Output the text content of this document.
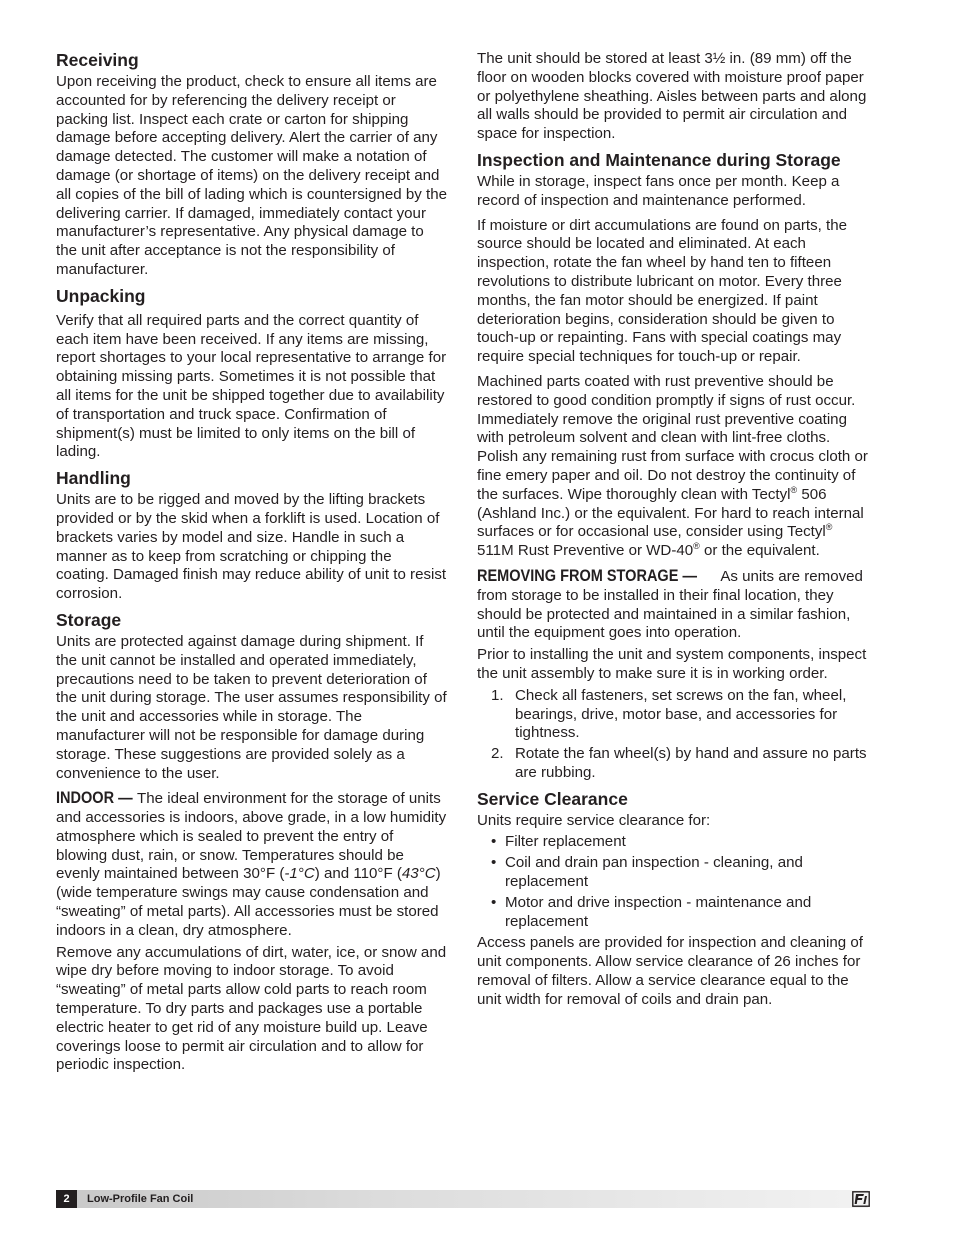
Receiving

Upon receiving the product, check to ensure all items are accounted for by referencing the delivery receipt or packing list. Inspect each crate or carton for shipping damage before accepting delivery. Alert the carrier of any damage detected. The customer will make a notation of damage (or shortage of items) on the delivery receipt and all copies of the bill of lading which is countersigned by the delivering carrier. If damaged, immediately contact your manufacturer’s representative. Any physical damage to the unit after acceptance is not the responsibility of manufacturer.

Unpacking

Verify that all required parts and the correct quantity of each item have been received. If any items are missing, report shortages to your local representative to arrange for obtaining missing parts. Sometimes it is not possible that all items for the unit be shipped together due to availability of transportation and truck space. Confirmation of shipment(s) must be limited to only items on the bill of lading.

Handling

Units are to be rigged and moved by the lifting brackets provided or by the skid when a forklift is used. Location of brackets varies by model and size. Handle in such a manner as to keep from scratching or chipping the coating. Damaged finish may reduce ability of unit to resist corrosion.

Storage

Units are protected against damage during shipment. If the unit cannot be installed and operated immediately, precautions need to be taken to prevent deterioration of the unit during storage. The user assumes responsibility of the unit and accessories while in storage. The manufacturer will not be responsible for damage during storage. These suggestions are provided solely as a convenience to the user.

INDOOR — The ideal environment for the storage of units and accessories is indoors, above grade, in a low humidity atmosphere which is sealed to prevent the entry of blowing dust, rain, or snow. Temperatures should be evenly maintained between 30°F (-1°C) and 110°F (43°C) (wide temperature swings may cause condensation and “sweating” of metal parts). All accessories must be stored indoors in a clean, dry atmosphere.

Remove any accumulations of dirt, water, ice, or snow and wipe dry before moving to indoor storage. To avoid “sweating” of metal parts allow cold parts to reach room temperature. To dry parts and packages use a portable electric heater to get rid of any moisture build up. Leave coverings loose to permit air circulation and to allow for periodic inspection.

The unit should be stored at least 3½ in. (89 mm) off the floor on wooden blocks covered with moisture proof paper or polyethylene sheathing. Aisles between parts and along all walls should be provided to permit air circulation and space for inspection.

Inspection and Maintenance during Storage

While in storage, inspect fans once per month. Keep a record of inspection and maintenance performed.

If moisture or dirt accumulations are found on parts, the source should be located and eliminated. At each inspection, rotate the fan wheel by hand ten to fifteen revolutions to distribute lubricant on motor. Every three months, the fan motor should be energized. If paint deterioration begins, consideration should be given to touch-up or repainting. Fans with special coatings may require special techniques for touch-up or repair.

Machined parts coated with rust preventive should be restored to good condition promptly if signs of rust occur. Immediately remove the original rust preventive coating with petroleum solvent and clean with lint-free cloths. Polish any remaining rust from surface with crocus cloth or fine emery paper and oil. Do not destroy the continuity of the surfaces. Wipe thoroughly clean with Tectyl® 506 (Ashland Inc.) or the equivalent. For hard to reach internal surfaces or for occasional use, consider using Tectyl® 511M Rust Preventive or WD-40® or the equivalent.

REMOVING FROM STORAGE — As units are removed from storage to be installed in their final location, they should be protected and maintained in a similar fashion, until the equipment goes into operation.

Prior to installing the unit and system components, inspect the unit assembly to make sure it is in working order.

1. Check all fasteners, set screws on the fan, wheel, bearings, drive, motor base, and accessories for tightness.
2. Rotate the fan wheel(s) by hand and assure no parts are rubbing.
Service Clearance

Units require service clearance for:

• Filter replacement
• Coil and drain pan inspection - cleaning, and replacement
• Motor and drive inspection - maintenance and replacement

Access panels are provided for inspection and cleaning of unit components. Allow service clearance of 26 inches for removal of filters. Allow a service clearance equal to the unit width for removal of coils and drain pan.

2	Low-Profile Fan Coil
